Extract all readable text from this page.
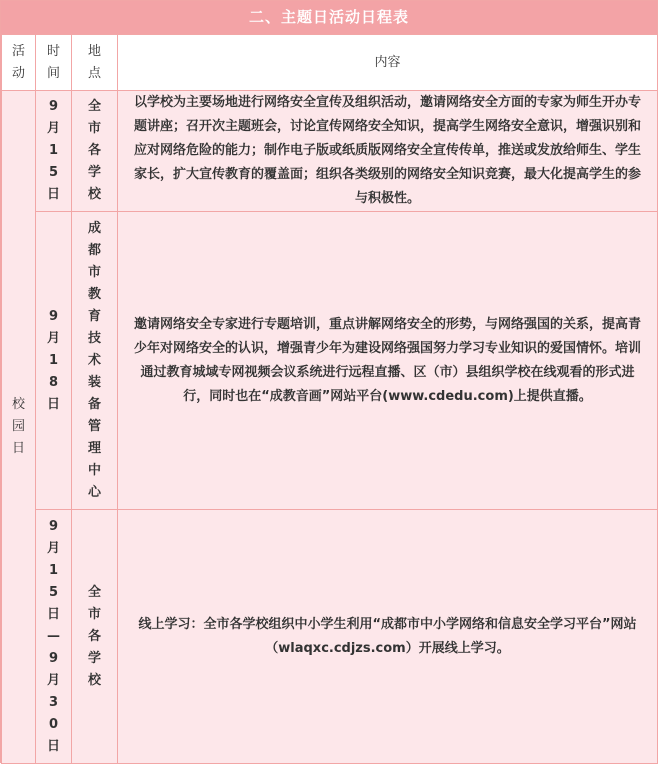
二、主题日活动日程表
活动	时间	地点	内容
校园日	9月15日	全市各学校	以学校为主要场地进行网络安全宣传及组织活动，邀请网络安全方面的专家为师生开办专题讲座；召开次主题班会，讨论宣传网络安全知识，提高学生网络安全意识，增强识别和应对网络危险的能力；制作电子版或纸质版网络安全宣传传单，推送或发放给师生、学生家长，扩大宣传教育的覆盖面；组织各类级别的网络安全知识竞赛，最大化提高学生的参与积极性。

	9月18日	成都市教育技术装备管理中心	邀请网络安全专家进行专题培训，重点讲解网络安全的形势，与网络强国的关系，提高青少年对网络安全的认识，增强青少年为建设网络强国努力学习专业知识的爱国情怀。培训通过教育城域专网视频会议系统进行远程直播、区（市）县组织学校在线观看的形式进行，同时也在“成教音画”网站平台(www.cdedu.com)上提供直播。

	9月15日—9月30日	全市各学校	线上学习：全市各学校组织中小学生利用“成都市中小学网络和信息安全学习平台”网站（wlaqxc.cdjzs.com）开展线上学习。
